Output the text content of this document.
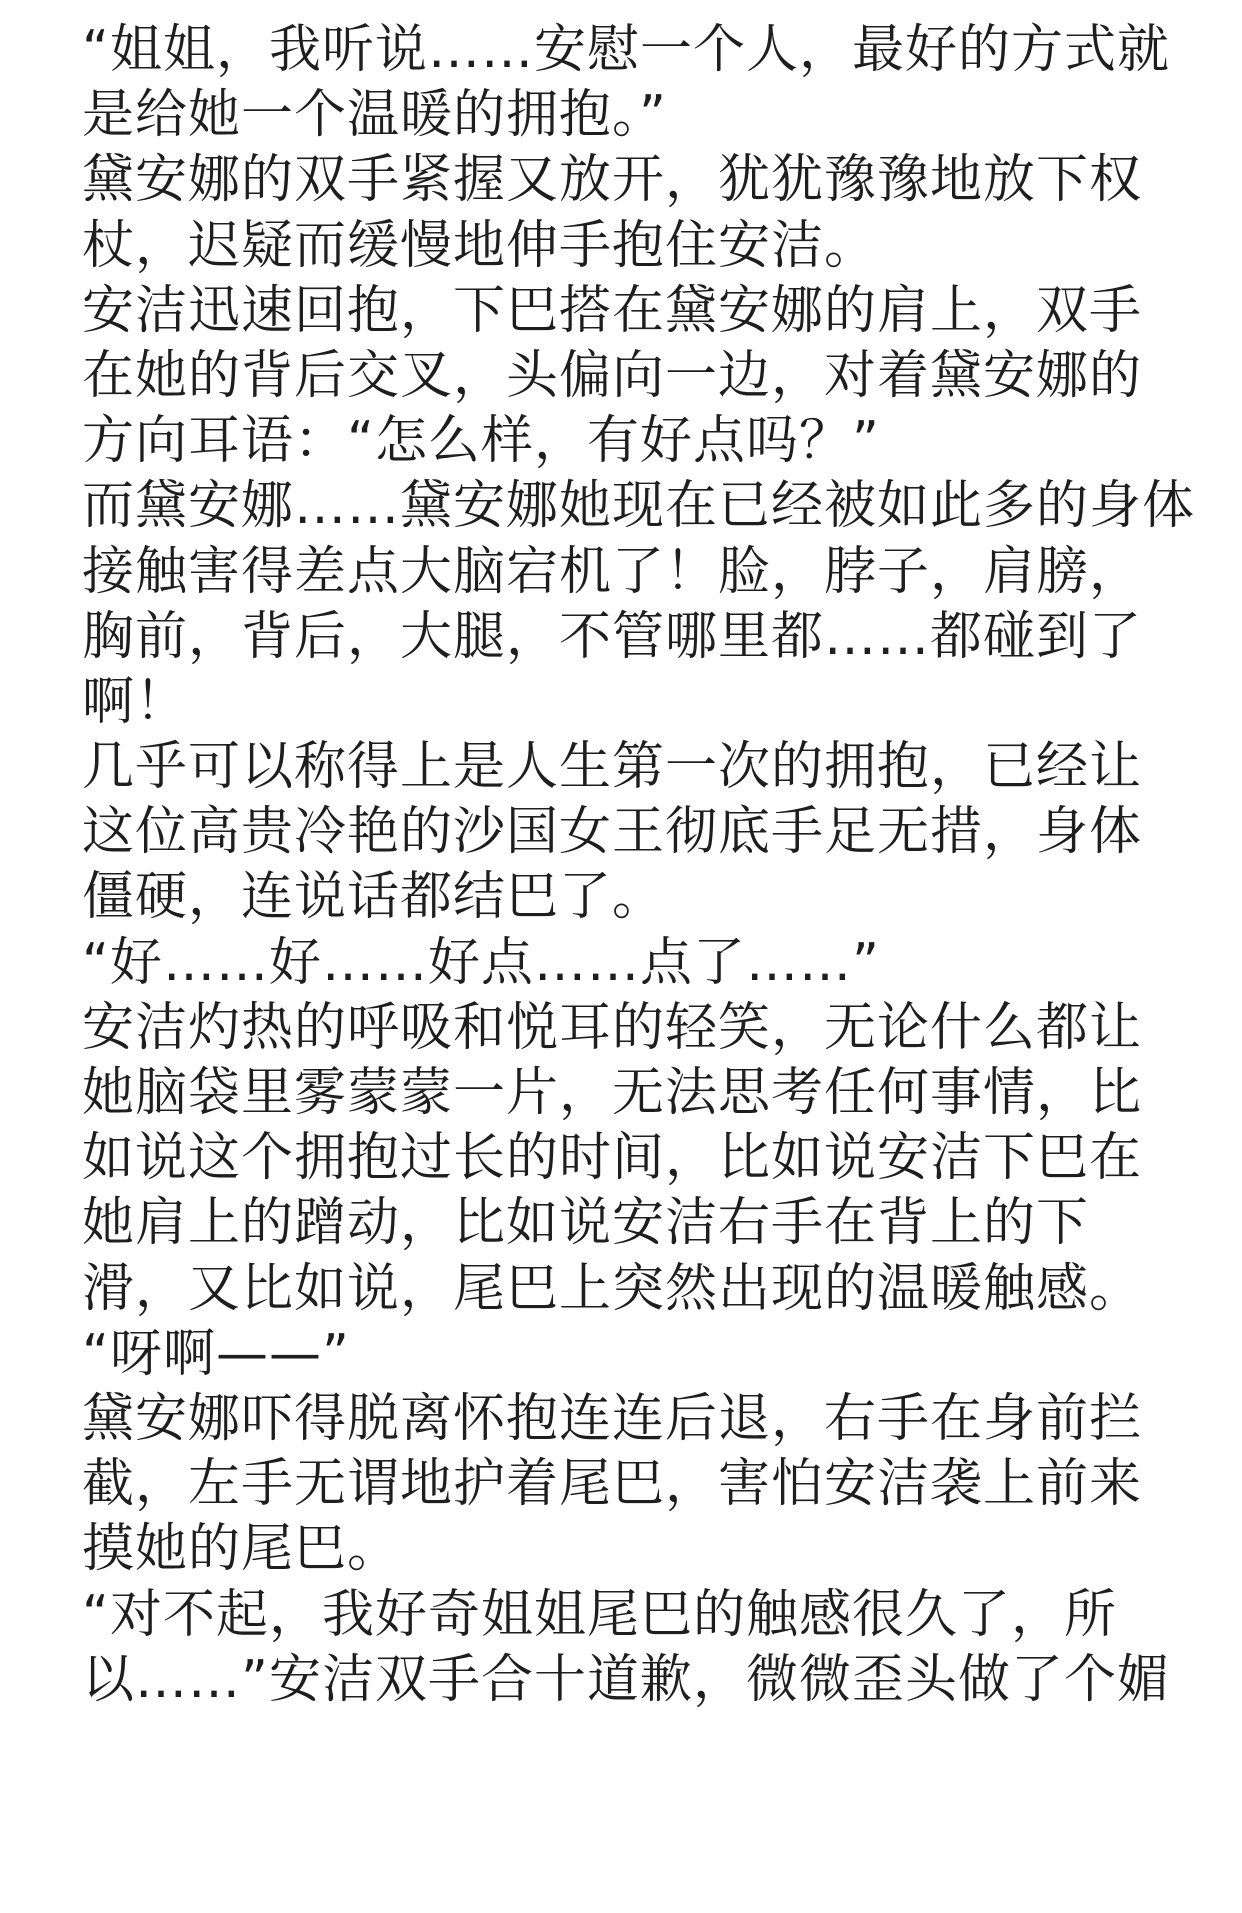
“姐姐，我听说……安慰一个人，最好的方式就
是给她一个温暖的拥抱。”
黛安娜的双手紧握又放开，犹犹豫豫地放下权
杖，迟疑而缓慢地伸手抱住安洁。
安洁迅速回抱，下巴搭在黛安娜的肩上，双手
在她的背后交叉，头偏向一边，对着黛安娜的
方向耳语：“怎么样，有好点吗？”
而黛安娜……黛安娜她现在已经被如此多的身体
接触害得差点大脑宕机了！脸，脖子，肩膀，
胸前，背后，大腿，不管哪里都……都碰到了
啊！
几乎可以称得上是人生第一次的拥抱，已经让
这位高贵冷艳的沙国女王彻底手足无措，身体
僵硬，连说话都结巴了。
“好……好……好点……点了……”
安洁灼热的呼吸和悦耳的轻笑，无论什么都让
她脑袋里雾蒙蒙一片，无法思考任何事情，比
如说这个拥抱过长的时间，比如说安洁下巴在
她肩上的蹭动，比如说安洁右手在背上的下
滑，又比如说，尾巴上突然出现的温暖触感。
“呀啊——”
黛安娜吓得脱离怀抱连连后退，右手在身前拦
截，左手无谓地护着尾巴，害怕安洁袭上前来
摸她的尾巴。
“对不起，我好奇姐姐尾巴的触感很久了，所
以……”安洁双手合十道歉，微微歪头做了个媚
